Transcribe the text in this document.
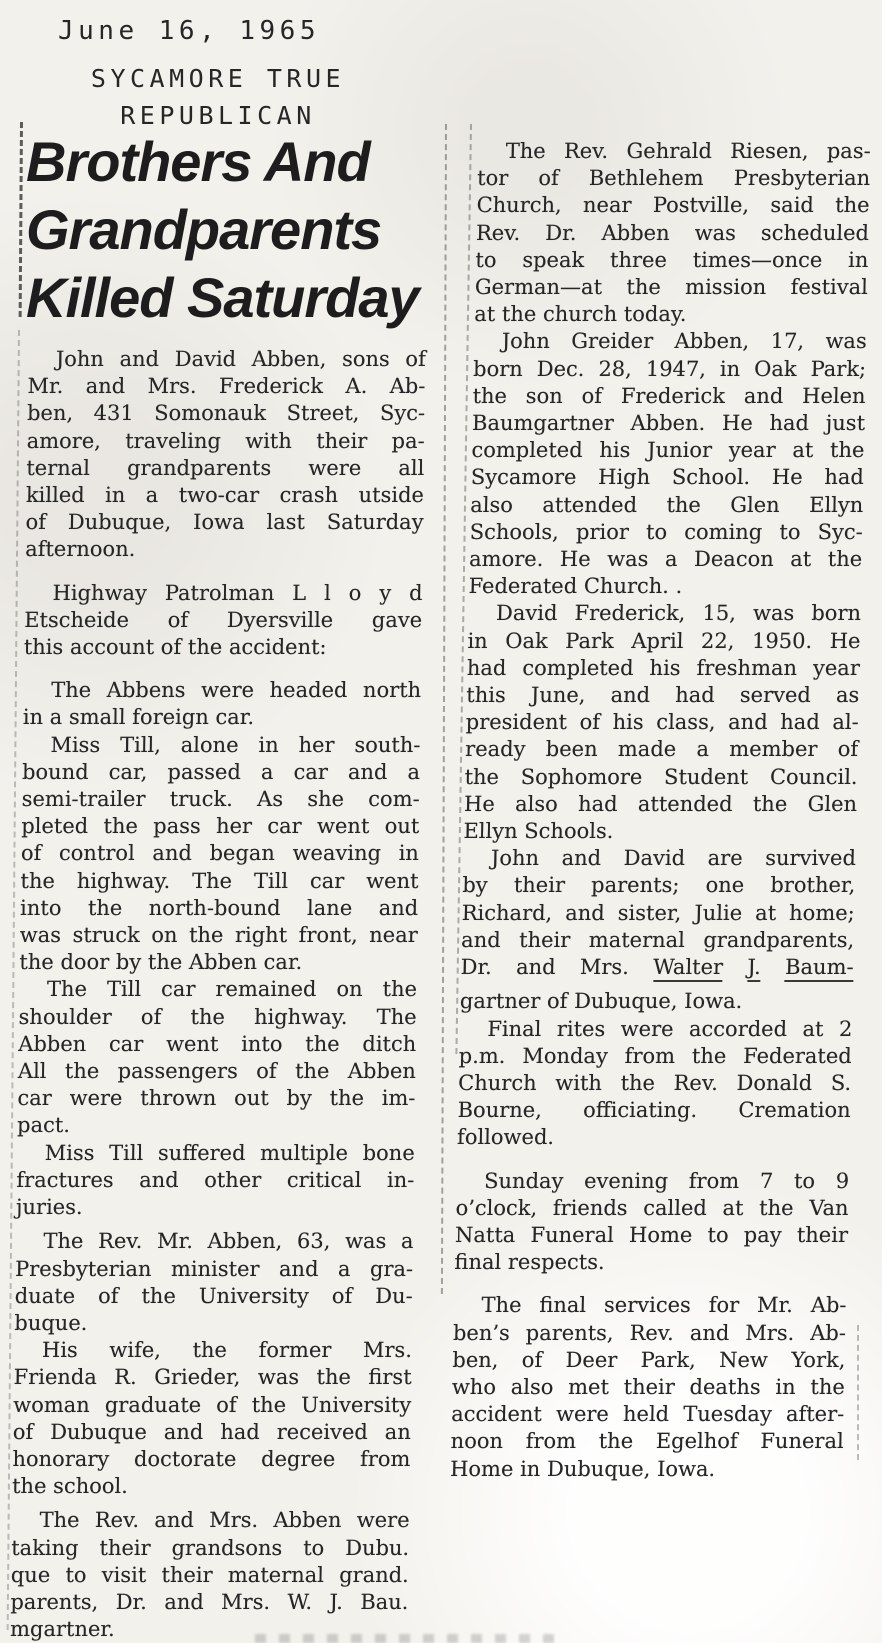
June 16, 1965
SYCAMORE TRUE
REPUBLICAN
Brothers And
Grandparents
Killed Saturday
John and David Abben, sons of
Mr. and Mrs. Frederick A. Ab-
ben, 431 Somonauk Street, Syc-
amore, traveling with their pa-
ternal grandparents were all
killed in a two-car crash utside
of Dubuque, Iowa last Saturday
afternoon.
Highway Patrolman L l o y d
Etscheide of Dyersville gave
this account of the accident:
The Abbens were headed north
in a small foreign car.
Miss Till, alone in her south-
bound car, passed a car and a
semi-trailer truck. As she com-
pleted the pass her car went out
of control and began weaving in
the highway. The Till car went
into the north-bound lane and
was struck on the right front, near
the door by the Abben car.
The Till car remained on the
shoulder of the highway. The
Abben car went into the ditch
All the passengers of the Abben
car were thrown out by the im-
pact.
Miss Till suffered multiple bone
fractures and other critical in-
juries.
The Rev. Mr. Abben, 63, was a
Presbyterian minister and a gra-
duate of the University of Du-
buque.
His wife, the former Mrs.
Frienda R. Grieder, was the first
woman graduate of the University
of Dubuque and had received an
honorary doctorate degree from
the school.
The Rev. and Mrs. Abben were
taking their grandsons to Dubu.
que to visit their maternal grand.
parents, Dr. and Mrs. W. J. Bau.
mgartner.
The Rev. Gehrald Riesen, pas-
tor of Bethlehem Presbyterian
Church, near Postville, said the
Rev. Dr. Abben was scheduled
to speak three times—once in
German—at the mission festival
at the church today.
John Greider Abben, 17, was
born Dec. 28, 1947, in Oak Park;
the son of Frederick and Helen
Baumgartner Abben. He had just
completed his Junior year at the
Sycamore High School. He had
also attended the Glen Ellyn
Schools, prior to coming to Syc-
amore. He was a Deacon at the
Federated Church. .
David Frederick, 15, was born
in Oak Park April 22, 1950. He
had completed his freshman year
this June, and had served as
president of his class, and had al-
ready been made a member of
the Sophomore Student Council.
He also had attended the Glen
Ellyn Schools.
John and David are survived
by their parents; one brother,
Richard, and sister, Julie at home;
and their maternal grandparents,
Dr. and Mrs. Walter J. Baum-
gartner of Dubuque, Iowa.
Final rites were accorded at 2
p.m. Monday from the Federated
Church with the Rev. Donald S.
Bourne, officiating. Cremation
followed.
Sunday evening from 7 to 9
o’clock, friends called at the Van
Natta Funeral Home to pay their
final respects.
The final services for Mr. Ab-
ben’s parents, Rev. and Mrs. Ab-
ben, of Deer Park, New York,
who also met their deaths in the
accident were held Tuesday after-
noon from the Egelhof Funeral
Home in Dubuque, Iowa.
